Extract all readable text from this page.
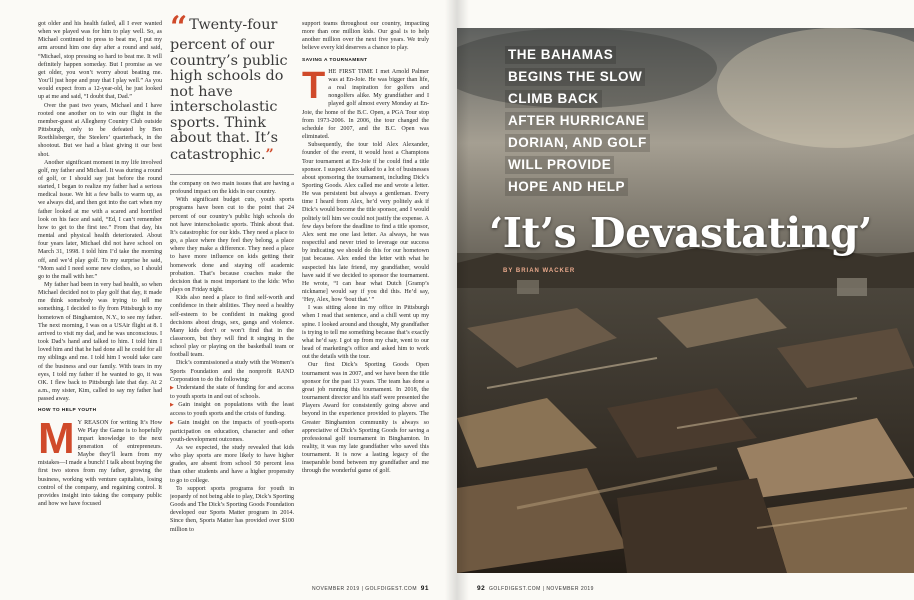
got older and his health failed, all I ever wanted when we played was for him to play well. So, as Michael continued to press to beat me, I put my arm around him one day after a round and said, “Michael, stop pressing so hard to beat me. It will definitely happen someday. But I promise as we get older, you won’t worry about beating me. You’ll just hope and pray that I play well.” As you would expect from a 12-year-old, he just looked up at me and said, “I doubt that, Dad.”

Over the past two years, Michael and I have rooted one another on to win our flight in the member-guest at Allegheny Country Club outside Pittsburgh, only to be defeated by Ben Roethlisberger, the Steelers’ quarterback, in the shootout. But we had a blast giving it our best shot.

Another significant moment in my life involved golf, my father and Michael. It was during a round of golf, or I should say just before the round started, I began to realize my father had a serious medical issue. We hit a few balls to warm up, as we always did, and then got into the cart when my father looked at me with a scared and horrified look on his face and said, “Ed, I can’t remember how to get to the first tee.” From that day, his mental and physical health deteriorated. About four years later, Michael did not have school on March 31, 1998. I told him I’d take the morning off, and we’d play golf. To my surprise he said, “Mom said I need some new clothes, so I should go to the mall with her.”

My father had been in very bad health, so when Michael decided not to play golf that day, it made me think somebody was trying to tell me something. I decided to fly from Pittsburgh to my hometown of Binghamton, N.Y., to see my father. The next morning, I was on a USAir flight at 8. I arrived to visit my dad, and he was unconscious. I took Dad’s hand and talked to him. I told him I loved him and that he had done all he could for all my siblings and me. I told him I would take care of the business and our family. With tears in my eyes, I told my father if he wanted to go, it was OK. I flew back to Pittsburgh late that day. At 2 a.m., my sister, Kim, called to say my father had passed away.

HOW TO HELP YOUTH

M Y REASON for writing It’s How We Play the Game is to hopefully impart knowledge to the next generation of entrepreneurs. Maybe they’ll learn from my mistakes—I made a bunch! I talk about buying the first two stores from my father, growing the business, working with venture capitalists, losing control of the company, and regaining control. It provides insight into taking the company public and how we have focused

“ Twenty-four percent of our country’s public high schools do not have interscholastic sports. Think about that. It’s catastrophic.”

the company on two main issues that are having a profound impact on the kids in our country.

With significant budget cuts, youth sports programs have been cut to the point that 24 percent of our country’s public high schools do not have interscholastic sports. Think about that. It’s catastrophic for our kids. They need a place to go, a place where they feel they belong, a place where they make a difference. They need a place to have more influence on kids getting their homework done and staying off academic probation. That’s because coaches make the decision that is most important to the kids: Who plays on Friday night.

Kids also need a place to find self-worth and confidence in their abilities. They need a healthy self-esteem to be confident in making good decisions about drugs, sex, gangs and violence. Many kids don’t or won’t find that in the classroom, but they will find it singing in the school play or playing on the basketball team or football team.

Dick’s commissioned a study with the Women’s Sports Foundation and the nonprofit RAND Corporation to do the following:

▶ Understand the state of funding for and access to youth sports in and out of schools.

▶ Gain insight on populations with the least access to youth sports and the crisis of funding.

▶ Gain insight on the impacts of youth-sports participation on education, character and other youth-development outcomes.

As we expected, the study revealed that kids who play sports are more likely to have higher grades, are absent from school 50 percent less than other students and have a higher propensity to go to college.

To support sports programs for youth in jeopardy of not being able to play, Dick’s Sporting Goods and The Dick’s Sporting Goods Foundation developed our Sports Matter program in 2014. Since then, Sports Matter has provided over $100 million to

support teams throughout our country, impacting more than one million kids. Our goal is to help another million over the next five years. We truly believe every kid deserves a chance to play.

SAVING A TOURNAMENT

THE FIRST TIME I met Arnold Palmer was at En-Joie. He was bigger than life, a real inspiration for golfers and nongolfers alike. My grandfather and I played golf almost every Monday at En-Joie, the home of the B.C. Open, a PGA Tour stop from 1973-2006. In 2006, the tour changed the schedule for 2007, and the B.C. Open was eliminated.

Subsequently, the tour told Alex Alexander, founder of the event, it would host a Champions Tour tournament at En-Joie if he could find a title sponsor. I suspect Alex talked to a lot of businesses about sponsoring the tournament, including Dick’s Sporting Goods. Alex called me and wrote a letter. He was persistent but always a gentleman. Every time I heard from Alex, he’d very politely ask if Dick’s would become the title sponsor, and I would politely tell him we could not justify the expense. A few days before the deadline to find a title sponsor, Alex sent me one last letter. As always, he was respectful and never tried to leverage our success by indicating we should do this for our hometown just because. Alex ended the letter with what he suspected his late friend, my grandfather, would have said if we decided to sponsor the tournament. He wrote, “I can hear what Dutch [Gramp’s nickname] would say if you did this. He’d say, ‘Hey, Alex, how ’bout that.’ ”

I was sitting alone in my office in Pittsburgh when I read that sentence, and a chill went up my spine. I looked around and thought, My grandfather is trying to tell me something because that’s exactly what he’d say. I got up from my chair, went to our head of marketing’s office and asked him to work out the details with the tour.

Our first Dick’s Sporting Goods Open tournament was in 2007, and we have been the title sponsor for the past 13 years. The team has done a great job running this tournament. In 2018, the tournament director and his staff were presented the Players Award for consistently going above and beyond in the experience provided to players. The Greater Binghamton community is always so appreciative of Dick’s Sporting Goods for saving a professional golf tournament in Binghamton. In reality, it was my late grandfather who saved this tournament. It is now a lasting legacy of the inseparable bond between my grandfather and me through the wonderful game of golf.

NOVEMBER 2019 | GOLFDIGEST.COM 91
THE BAHAMAS
BEGINS THE SLOW
CLIMB BACK
AFTER HURRICANE
DORIAN, AND GOLF
WILL PROVIDE
HOPE AND HELP
‘It’s Devastating’
BY BRIAN WACKER
92 GOLFDIGEST.COM | NOVEMBER 2019
